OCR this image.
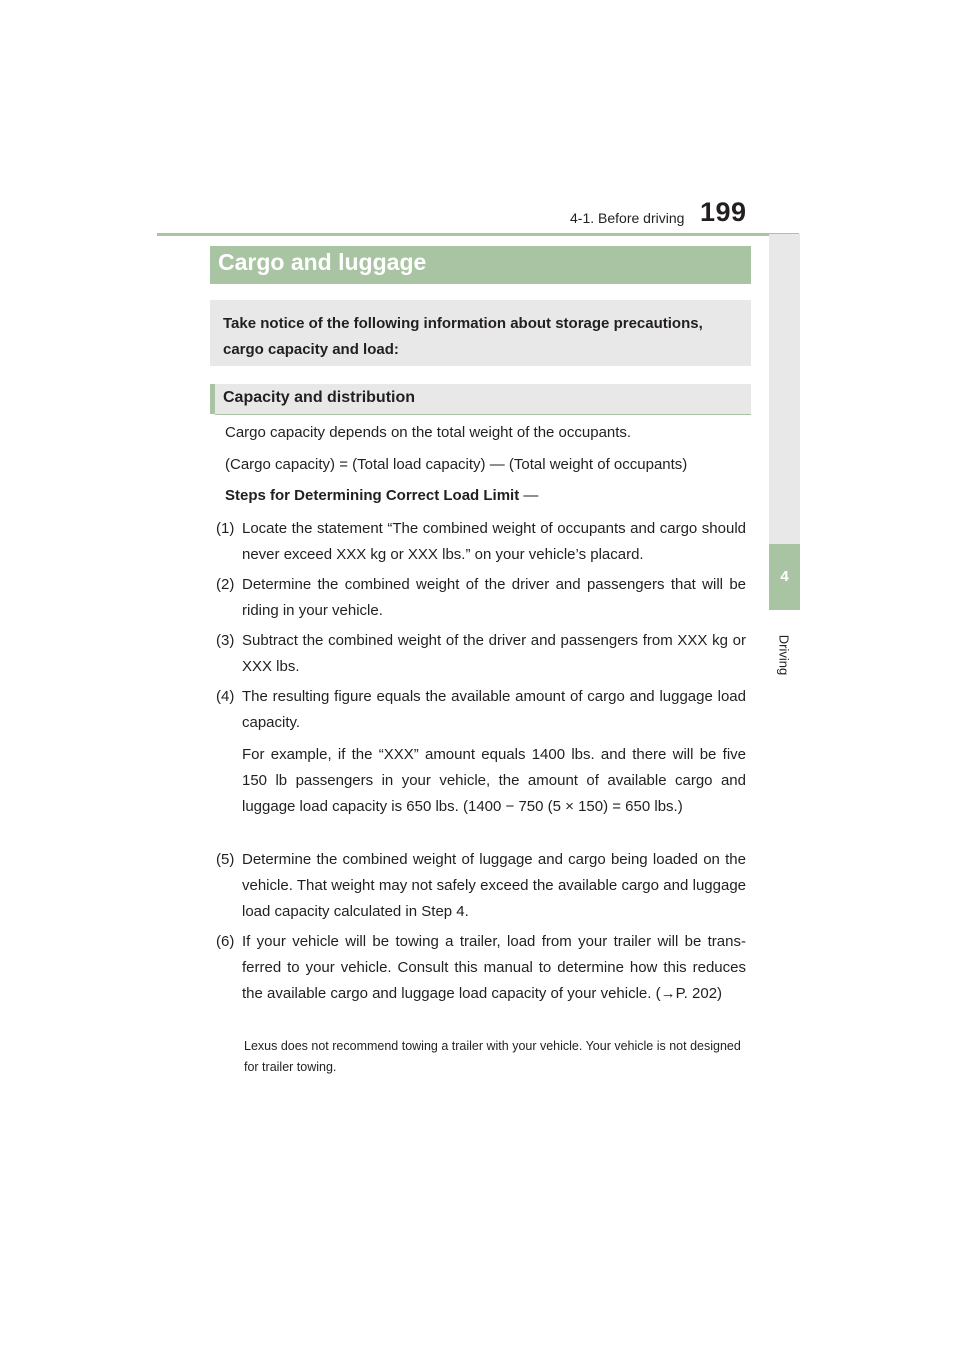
4-1. Before driving 199
4
Driving
Cargo and luggage

Take notice of the following information about storage precautions, cargo capacity and load:

Capacity and distribution
Cargo capacity depends on the total weight of the occupants.
(Cargo capacity) = (Total load capacity) — (Total weight of occupants)
Steps for Determining Correct Load Limit —
(1) Locate the statement “The combined weight of occupants and cargo should never exceed XXX kg or XXX lbs.” on your vehicle’s placard.
(2) Determine the combined weight of the driver and passengers that will be riding in your vehicle.
(3) Subtract the combined weight of the driver and passengers from XXX kg or XXX lbs.
(4) The resulting figure equals the available amount of cargo and luggage load capacity.
For example, if the “XXX” amount equals 1400 lbs. and there will be five 150 lb passengers in your vehicle, the amount of available cargo and luggage load capacity is 650 lbs. (1400 − 750 (5 × 150) = 650 lbs.)
(5) Determine the combined weight of luggage and cargo being loaded on the vehicle. That weight may not safely exceed the available cargo and luggage load capacity calculated in Step 4.
(6) If your vehicle will be towing a trailer, load from your trailer will be trans-ferred to your vehicle. Consult this manual to determine how this reduces the available cargo and luggage load capacity of your vehicle. (→P. 202)
Lexus does not recommend towing a trailer with your vehicle. Your vehicle is not designed for trailer towing.
